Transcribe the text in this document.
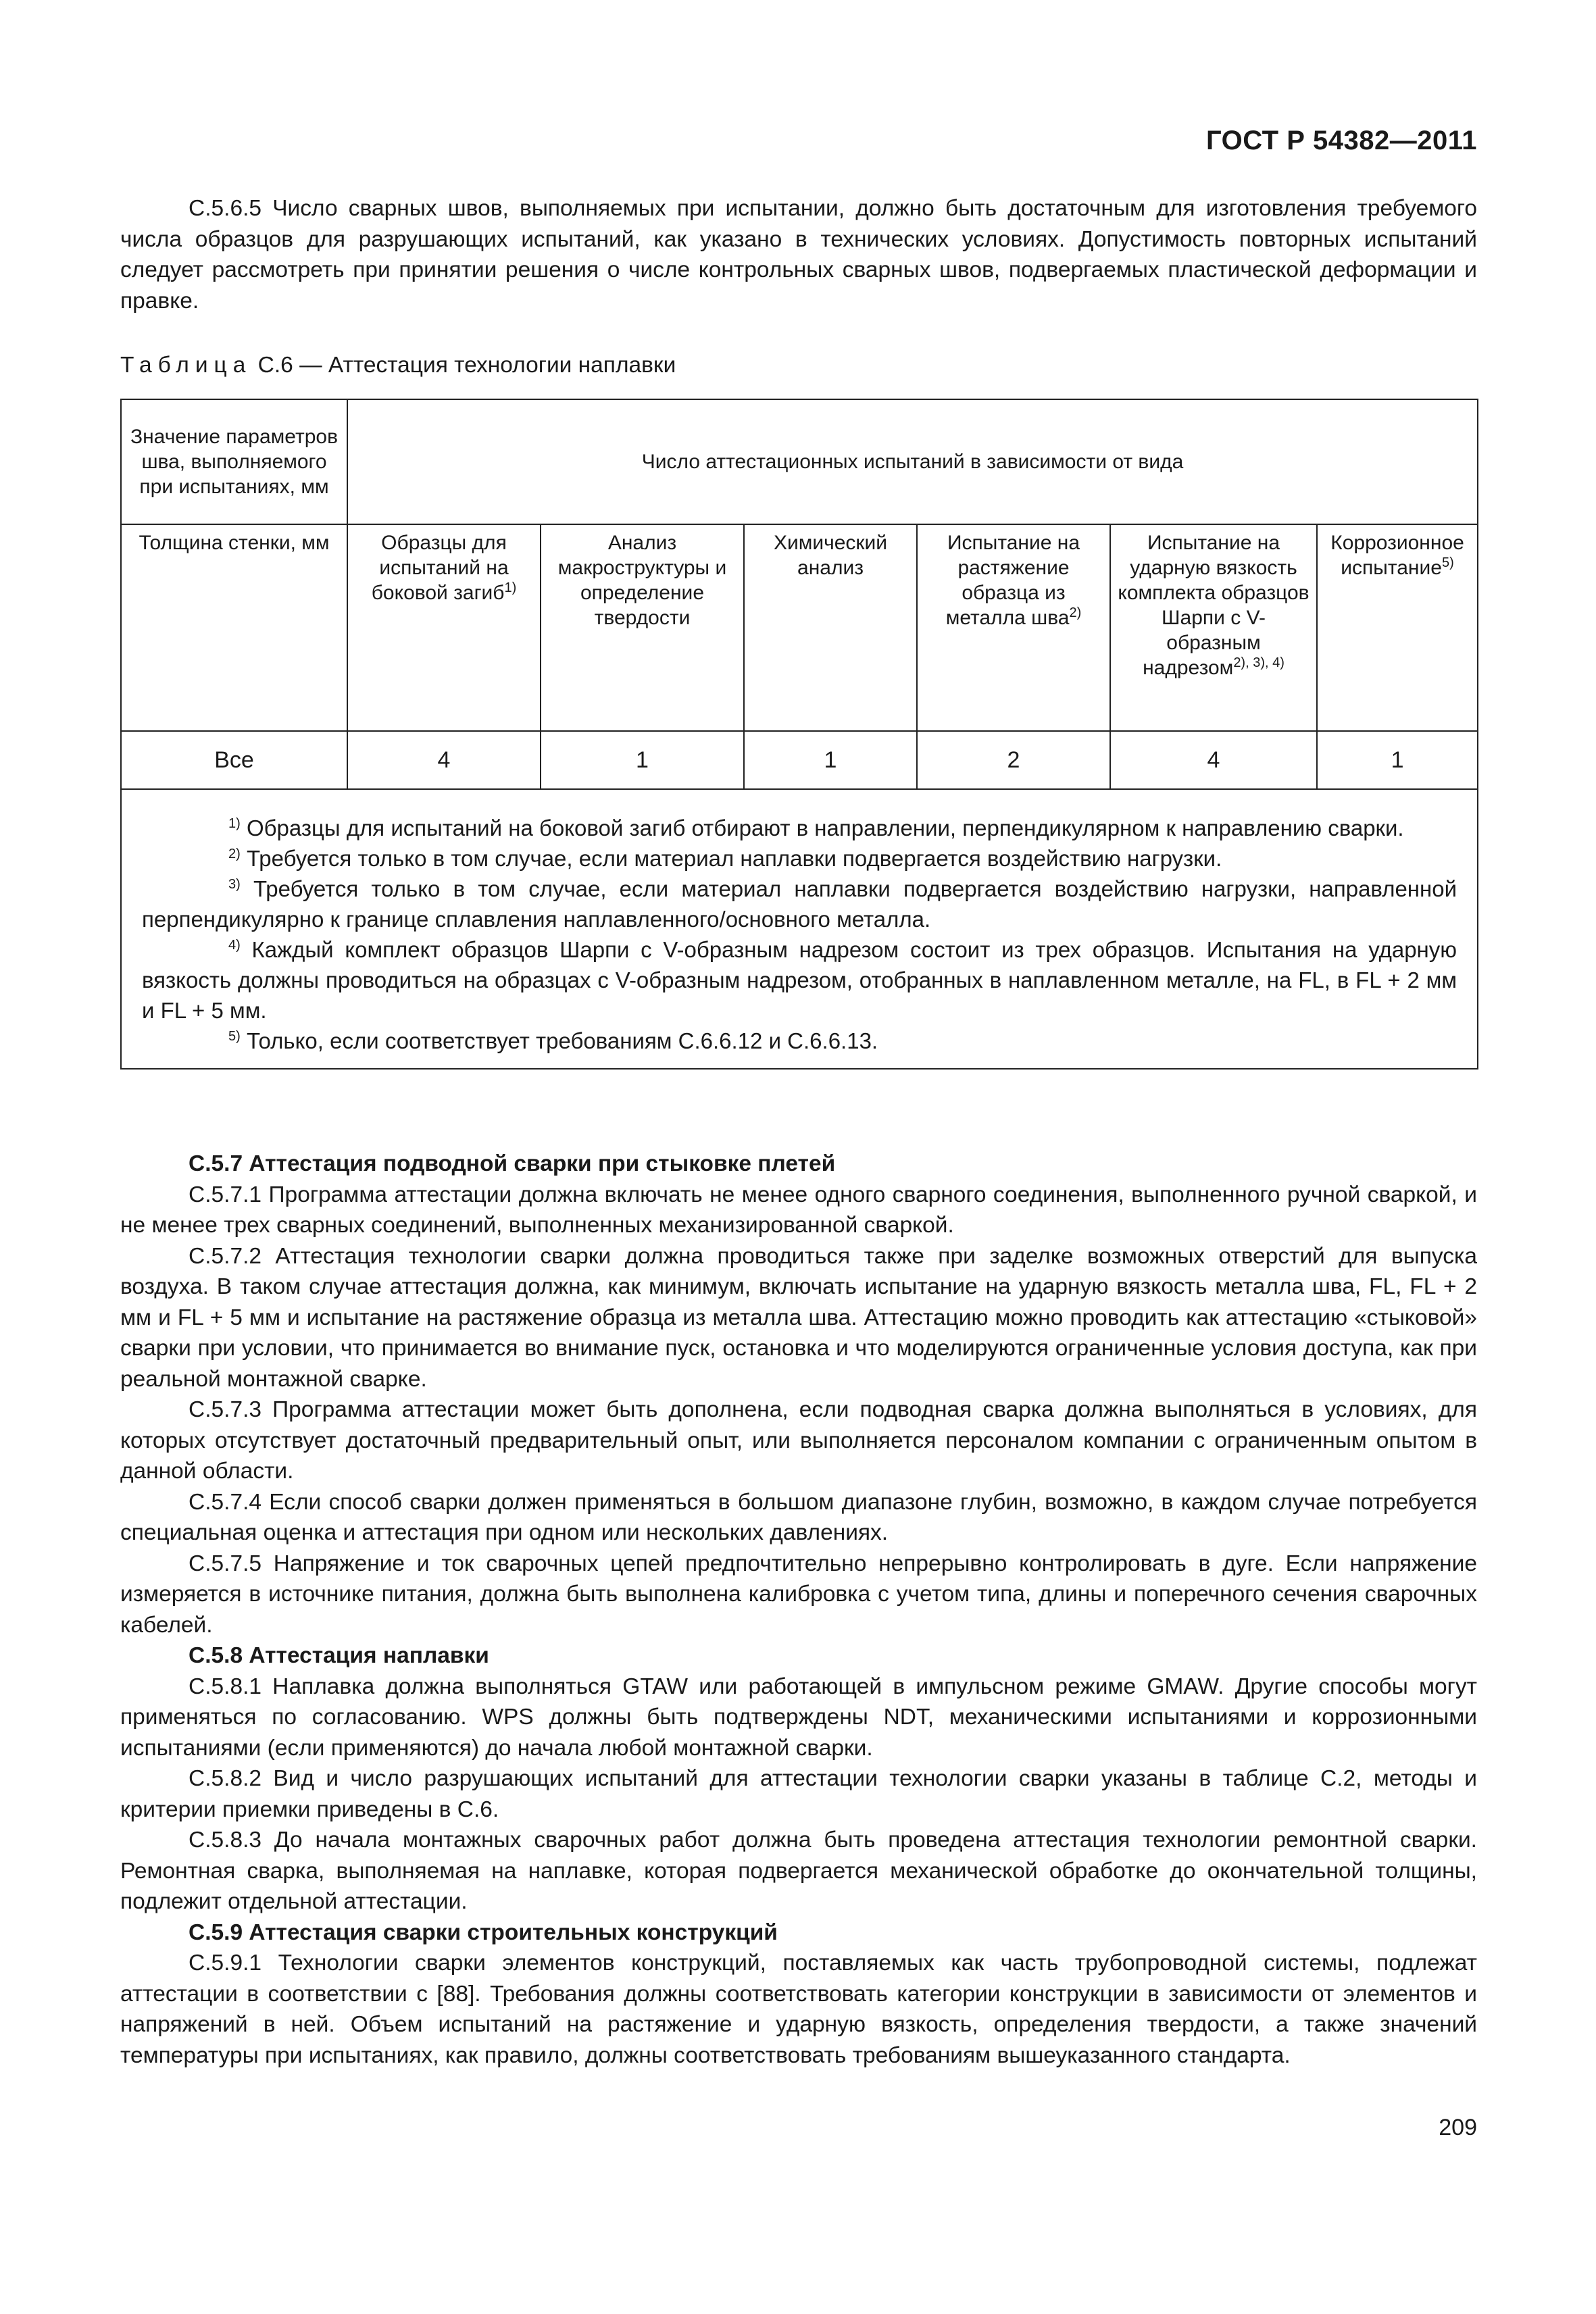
ГОСТ Р 54382—2011

С.5.6.5 Число сварных швов, выполняемых при испытании, должно быть достаточным для изготовления требуемого числа образцов для разрушающих испытаний, как указано в технических условиях. Допустимость повторных испытаний следует рассмотреть при принятии решения о числе контрольных сварных швов, подвергаемых пластической деформации и правке.

Таблица С.6 — Аттестация технологии наплавки
Значение параметров шва, выполняемого при испытаниях, мм	Число аттестационных испытаний в зависимости от вида					
Толщина стенки, мм	Образцы для испытаний на боковой загиб$^{1)}$	Анализ макроструктуры и определение твердости	Химический анализ	Испытание на растяжение образца из металла шва$^{2)}$	Испытание на ударную вязкость комплекта образцов Шарпи с V-образным надрезом$^{2), 3), 4)}$	Коррозионное испытание$^{5)}$
Все	4	1	1	2	4	1

$^{1)}$ Образцы для испытаний на боковой загиб отбирают в направлении, перпендикулярном к направлению сварки.

$^{2)}$ Требуется только в том случае, если материал наплавки подвергается воздействию нагрузки.

$^{3)}$ Требуется только в том случае, если материал наплавки подвергается воздействию нагрузки, направленной перпендикулярно к границе сплавления наплавленного/основного металла.

$^{4)}$ Каждый комплект образцов Шарпи с V-образным надрезом состоит из трех образцов. Испытания на ударную вязкость должны проводиться на образцах с V-образным надрезом, отобранных в наплавленном металле, на FL, в FL + 2 мм и FL + 5 мм.

$^{5)}$ Только, если соответствует требованиям С.6.6.12 и С.6.6.13.						

С.5.7 Аттестация подводной сварки при стыковке плетей

С.5.7.1 Программа аттестации должна включать не менее одного сварного соединения, выполненного ручной сваркой, и не менее трех сварных соединений, выполненных механизированной сваркой.

С.5.7.2 Аттестация технологии сварки должна проводиться также при заделке возможных отверстий для выпуска воздуха. В таком случае аттестация должна, как минимум, включать испытание на ударную вязкость металла шва, FL, FL + 2 мм и FL + 5 мм и испытание на растяжение образца из металла шва. Аттестацию можно проводить как аттестацию «стыковой» сварки при условии, что принимается во внимание пуск, остановка и что моделируются ограниченные условия доступа, как при реальной монтажной сварке.

С.5.7.3 Программа аттестации может быть дополнена, если подводная сварка должна выполняться в условиях, для которых отсутствует достаточный предварительный опыт, или выполняется персоналом компании с ограниченным опытом в данной области.

С.5.7.4 Если способ сварки должен применяться в большом диапазоне глубин, возможно, в каждом случае потребуется специальная оценка и аттестация при одном или нескольких давлениях.

С.5.7.5 Напряжение и ток сварочных цепей предпочтительно непрерывно контролировать в дуге. Если напряжение измеряется в источнике питания, должна быть выполнена калибровка с учетом типа, длины и поперечного сечения сварочных кабелей.

С.5.8 Аттестация наплавки

С.5.8.1 Наплавка должна выполняться GTAW или работающей в импульсном режиме GMAW. Другие способы могут применяться по согласованию. WPS должны быть подтверждены NDT, механическими испытаниями и коррозионными испытаниями (если применяются) до начала любой монтажной сварки.

С.5.8.2 Вид и число разрушающих испытаний для аттестации технологии сварки указаны в таблице С.2, методы и критерии приемки приведены в С.6.

С.5.8.3 До начала монтажных сварочных работ должна быть проведена аттестация технологии ремонтной сварки. Ремонтная сварка, выполняемая на наплавке, которая подвергается механической обработке до окончательной толщины, подлежит отдельной аттестации.

С.5.9 Аттестация сварки строительных конструкций

С.5.9.1 Технологии сварки элементов конструкций, поставляемых как часть трубопроводной системы, подлежат аттестации в соответствии с [88]. Требования должны соответствовать категории конструкции в зависимости от элементов и напряжений в ней. Объем испытаний на растяжение и ударную вязкость, определения твердости, а также значений температуры при испытаниях, как правило, должны соответствовать требованиям вышеуказанного стандарта.

209
